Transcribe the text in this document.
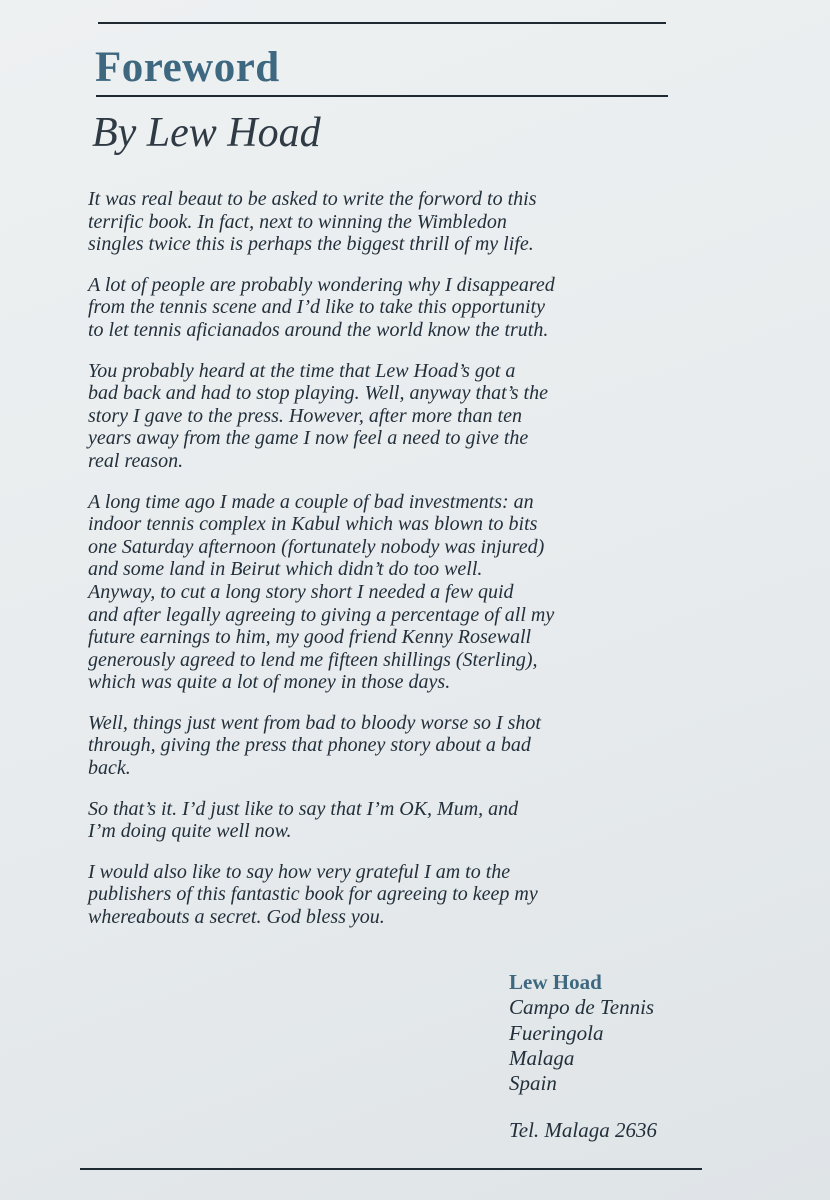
Foreword
By Lew Hoad

It was real beaut to be asked to write the forword to this
terrific book. In fact, next to winning the Wimbledon
singles twice this is perhaps the biggest thrill of my life.

A lot of people are probably wondering why I disappeared
from the tennis scene and I’d like to take this opportunity
to let tennis aficianados around the world know the truth.

You probably heard at the time that Lew Hoad’s got a
bad back and had to stop playing. Well, anyway that’s the
story I gave to the press. However, after more than ten
years away from the game I now feel a need to give the
real reason.

A long time ago I made a couple of bad investments: an
indoor tennis complex in Kabul which was blown to bits
one Saturday afternoon (fortunately nobody was injured)
and some land in Beirut which didn’t do too well.
Anyway, to cut a long story short I needed a few quid
and after legally agreeing to giving a percentage of all my
future earnings to him, my good friend Kenny Rosewall
generously agreed to lend me fifteen shillings (Sterling),
which was quite a lot of money in those days.

Well, things just went from bad to bloody worse so I shot
through, giving the press that phoney story about a bad
back.

So that’s it. I’d just like to say that I’m OK, Mum, and
I’m doing quite well now.

I would also like to say how very grateful I am to the
publishers of this fantastic book for agreeing to keep my
whereabouts a secret. God bless you.

Lew Hoad
Campo de Tennis
Fueringola
Malaga
Spain
Tel. Malaga 2636
